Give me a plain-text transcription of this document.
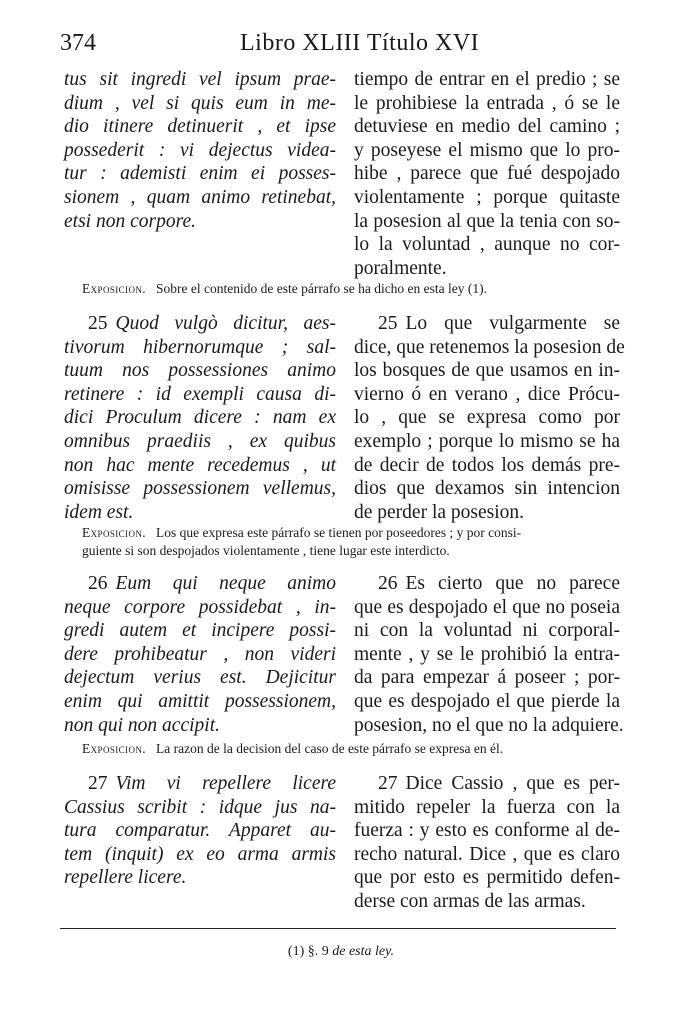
374	Libro XLIII Título XVI
tus sit ingredi vel ipsum prae-
dium , vel si quis eum in me-
dio itinere detinuerit , et ipse
possederit : vi dejectus videa-
tur : ademisti enim ei posses-
sionem , quam animo retinebat,
etsi non corpore.
tiempo de entrar en el predio ; se
le prohibiese la entrada , ó se le
detuviese en medio del camino ;
y poseyese el mismo que lo pro-
hibe , parece que fué despojado
violentamente ; porque quitaste
la posesion al que la tenia con so-
lo la voluntad , aunque no cor-
poralmente.
Exposicion. Sobre el contenido de este párrafo se ha dicho en esta ley (1).
25 Quod vulgò dicitur, aes-
tivorum hibernorumque ; sal-
tuum nos possessiones animo
retinere : id exempli causa di-
dici Proculum dicere : nam ex
omnibus praediis , ex quibus
non hac mente recedemus , ut
omisisse possessionem vellemus,
idem est.
25 Lo que vulgarmente se
dice, que retenemos la posesion de
los bosques de que usamos en in-
vierno ó en verano , dice Prócu-
lo , que se expresa como por
exemplo ; porque lo mismo se ha
de decir de todos los demás pre-
dios que dexamos sin intencion
de perder la posesion.
Exposicion. Los que expresa este párrafo se tienen por poseedores ; y por consi-
guiente si son despojados violentamente , tiene lugar este interdicto.
26 Eum qui neque animo
neque corpore possidebat , in-
gredi autem et incipere possi-
dere prohibeatur , non videri
dejectum verius est. Dejicitur
enim qui amittit possessionem,
non qui non accipit.
26 Es cierto que no parece
que es despojado el que no poseia
ni con la voluntad ni corporal-
mente , y se le prohibió la entra-
da para empezar á poseer ; por-
que es despojado el que pierde la
posesion, no el que no la adquiere.
Exposicion. La razon de la decision del caso de este párrafo se expresa en él.
27 Vim vi repellere licere
Cassius scribit : idque jus na-
tura comparatur. Apparet au-
tem (inquit) ex eo arma armis
repellere licere.
27 Dice Cassio , que es per-
mitido repeler la fuerza con la
fuerza : y esto es conforme al de-
recho natural. Dice , que es claro
que por esto es permitido defen-
derse con armas de las armas.
(1) §. 9 de esta ley.
